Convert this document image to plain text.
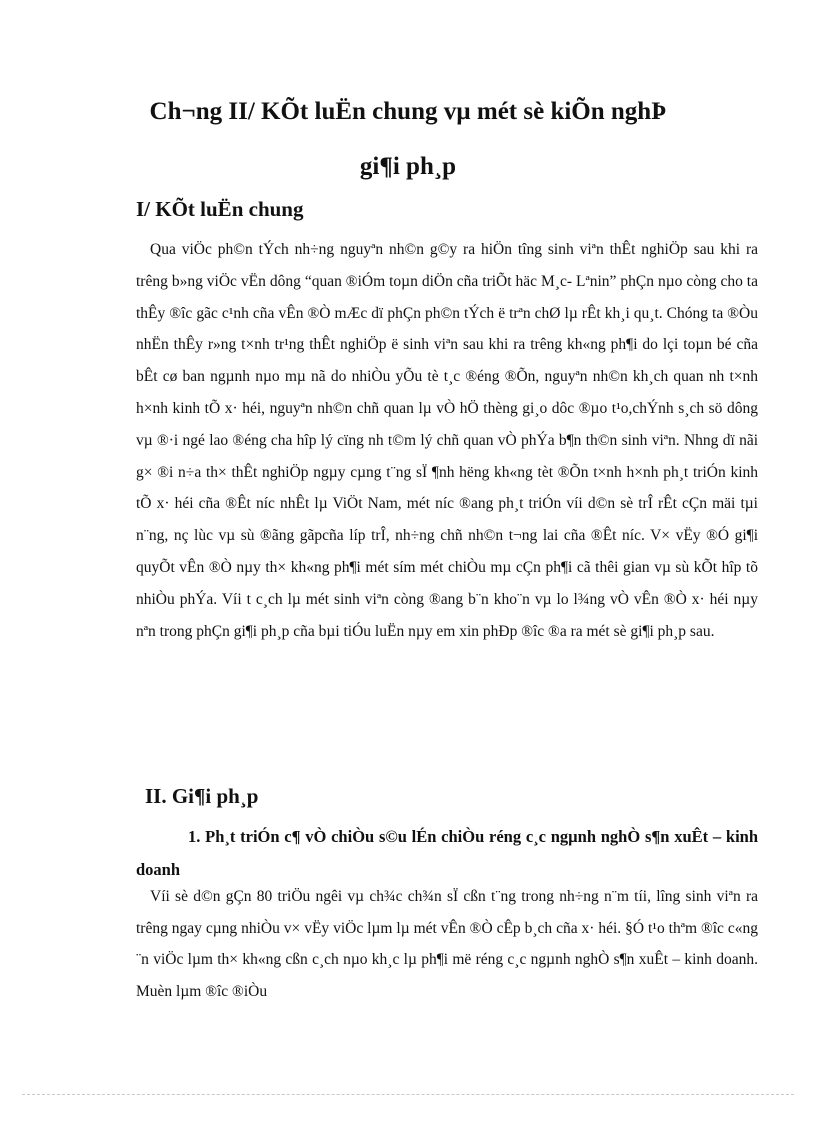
Ch¬ng II/ KÕt luËn chung vµ mét sè kiÕn nghÞ
gi¶i ph¸p
I/ KÕt luËn chung

Qua viÖc ph©n tÝch nh÷ng nguyªn nh©n g©y ra hiÖn tîng sinh viªn thÊt nghiÖp sau khi ra trêng b»ng viÖc vËn dông “quan ®iÓm toµn diÖn cña triÕt häc M¸c- Lªnin” phÇn nµo còng cho ta thÊy ®îc gãc c¹nh cña vÊn ®Ò mÆc dï phÇn ph©n tÝch ë trªn chØ lµ rÊt kh¸i qu¸t. Chóng ta ®Òu nhËn thÊy r»ng t×nh tr¹ng thÊt nghiÖp ë sinh viªn sau khi ra trêng kh«ng ph¶i do lçi toµn bé cña bÊt cø ban ngµnh nµo mµ nã do nhiÒu yÕu tè t¸c ®éng ®Õn, nguyªn nh©n kh¸ch quan nh t×nh h×nh kinh tÕ x· héi, nguyªn nh©n chñ quan lµ vÒ hÖ thèng gi¸o dôc ®µo t¹o,chÝnh s¸ch sö dông vµ ®·i ngé lao ®éng cha hîp lý cïng nh t©m lý chñ quan vÒ phÝa b¶n th©n sinh viªn. Nhng dï nãi g× ®i n÷a th× thÊt nghiÖp ngµy cµng t¨ng sÏ ¶nh hëng kh«ng tèt ®Õn t×nh h×nh ph¸t triÓn kinh tÕ x· héi cña ®Êt níc nhÊt lµ ViÖt Nam, mét níc ®ang ph¸t triÓn víi d©n sè trÎ rÊt cÇn mäi tµi n¨ng, nç lùc vµ sù ®ãng gãpcña líp trÎ, nh÷ng chñ nh©n t¬ng lai cña ®Êt níc. V× vËy ®Ó gi¶i quyÕt vÊn ®Ò nµy th× kh«ng ph¶i mét sím mét chiÒu mµ cÇn ph¶i cã thêi gian vµ sù kÕt hîp tõ nhiÒu phÝa. Víi t c¸ch lµ mét sinh viªn còng ®ang b¨n kho¨n vµ lo l¾ng vÒ vÊn ®Ò x· héi nµy nªn trong phÇn gi¶i ph¸p cña bµi tiÓu luËn nµy em xin phÐp ®îc ®a ra mét sè gi¶i ph¸p sau.

II. Gi¶i ph¸p
1. Ph¸t triÓn c¶ vÒ chiÒu s©u lÉn chiÒu réng c¸c ngµnh nghÒ s¶n xuÊt – kinh doanh

Víi sè d©n gÇn 80 triÖu ngêi vµ ch¾c ch¾n sÏ cßn t¨ng trong nh÷ng n¨m tíi, lîng sinh viªn ra trêng ngay cµng nhiÒu v× vËy viÖc lµm lµ mét vÊn ®Ò cÊp b¸ch cña x· héi. §Ó t¹o thªm ®îc c«ng ¨n viÖc lµm th× kh«ng cßn c¸ch nµo kh¸c lµ ph¶i më réng c¸c ngµnh nghÒ s¶n xuÊt – kinh doanh. Muèn lµm ®îc ®iÒu
